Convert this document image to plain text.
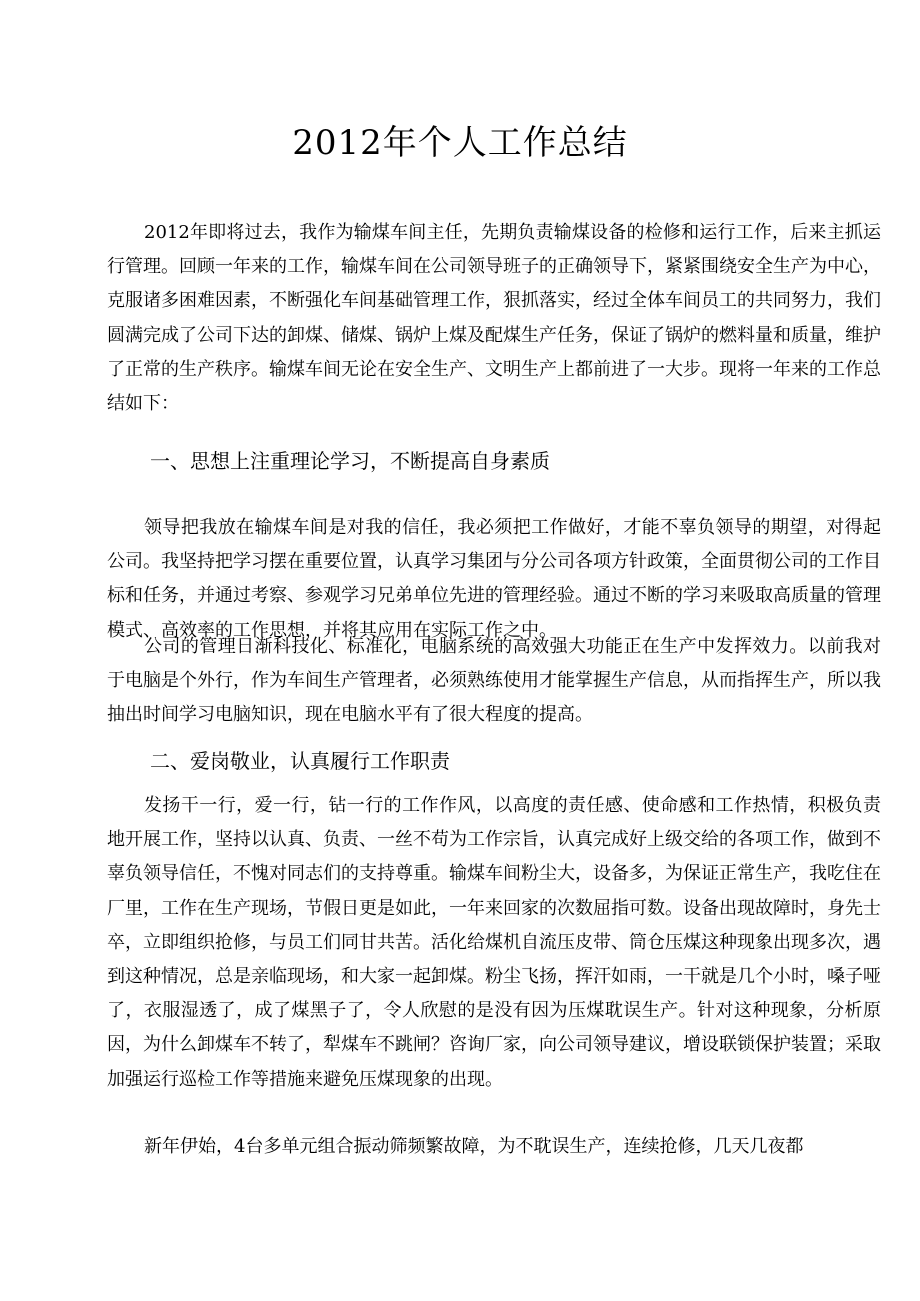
2012年个人工作总结

2012年即将过去，我作为输煤车间主任，先期负责输煤设备的检修和运行工作，后来主抓运行管理。回顾一年来的工作，输煤车间在公司领导班子的正确领导下，紧紧围绕安全生产为中心，克服诸多困难因素，不断强化车间基础管理工作，狠抓落实，经过全体车间员工的共同努力，我们圆满完成了公司下达的卸煤、储煤、锅炉上煤及配煤生产任务，保证了锅炉的燃料量和质量，维护了正常的生产秩序。输煤车间无论在安全生产、文明生产上都前进了一大步。现将一年来的工作总结如下：

一、思想上注重理论学习，不断提高自身素质

领导把我放在输煤车间是对我的信任，我必须把工作做好，才能不辜负领导的期望，对得起公司。我坚持把学习摆在重要位置，认真学习集团与分公司各项方针政策，全面贯彻公司的工作目标和任务，并通过考察、参观学习兄弟单位先进的管理经验。通过不断的学习来吸取高质量的管理模式、高效率的工作思想，并将其应用在实际工作之中。

公司的管理日渐科技化、标准化，电脑系统的高效强大功能正在生产中发挥效力。以前我对于电脑是个外行，作为车间生产管理者，必须熟练使用才能掌握生产信息，从而指挥生产，所以我抽出时间学习电脑知识，现在电脑水平有了很大程度的提高。

二、爱岗敬业，认真履行工作职责

发扬干一行，爱一行，钻一行的工作作风，以高度的责任感、使命感和工作热情，积极负责地开展工作，坚持以认真、负责、一丝不苟为工作宗旨，认真完成好上级交给的各项工作，做到不辜负领导信任，不愧对同志们的支持尊重。输煤车间粉尘大，设备多，为保证正常生产，我吃住在厂里，工作在生产现场，节假日更是如此，一年来回家的次数屈指可数。设备出现故障时，身先士卒，立即组织抢修，与员工们同甘共苦。活化给煤机自流压皮带、筒仓压煤这种现象出现多次，遇到这种情况，总是亲临现场，和大家一起卸煤。粉尘飞扬，挥汗如雨，一干就是几个小时，嗓子哑了，衣服湿透了，成了煤黑子了，令人欣慰的是没有因为压煤耽误生产。针对这种现象，分析原因，为什么卸煤车不转了，犁煤车不跳闸？咨询厂家，向公司领导建议，增设联锁保护装置；采取加强运行巡检工作等措施来避免压煤现象的出现。

新年伊始，4台多单元组合振动筛频繁故障，为不耽误生产，连续抢修，几天几夜都
